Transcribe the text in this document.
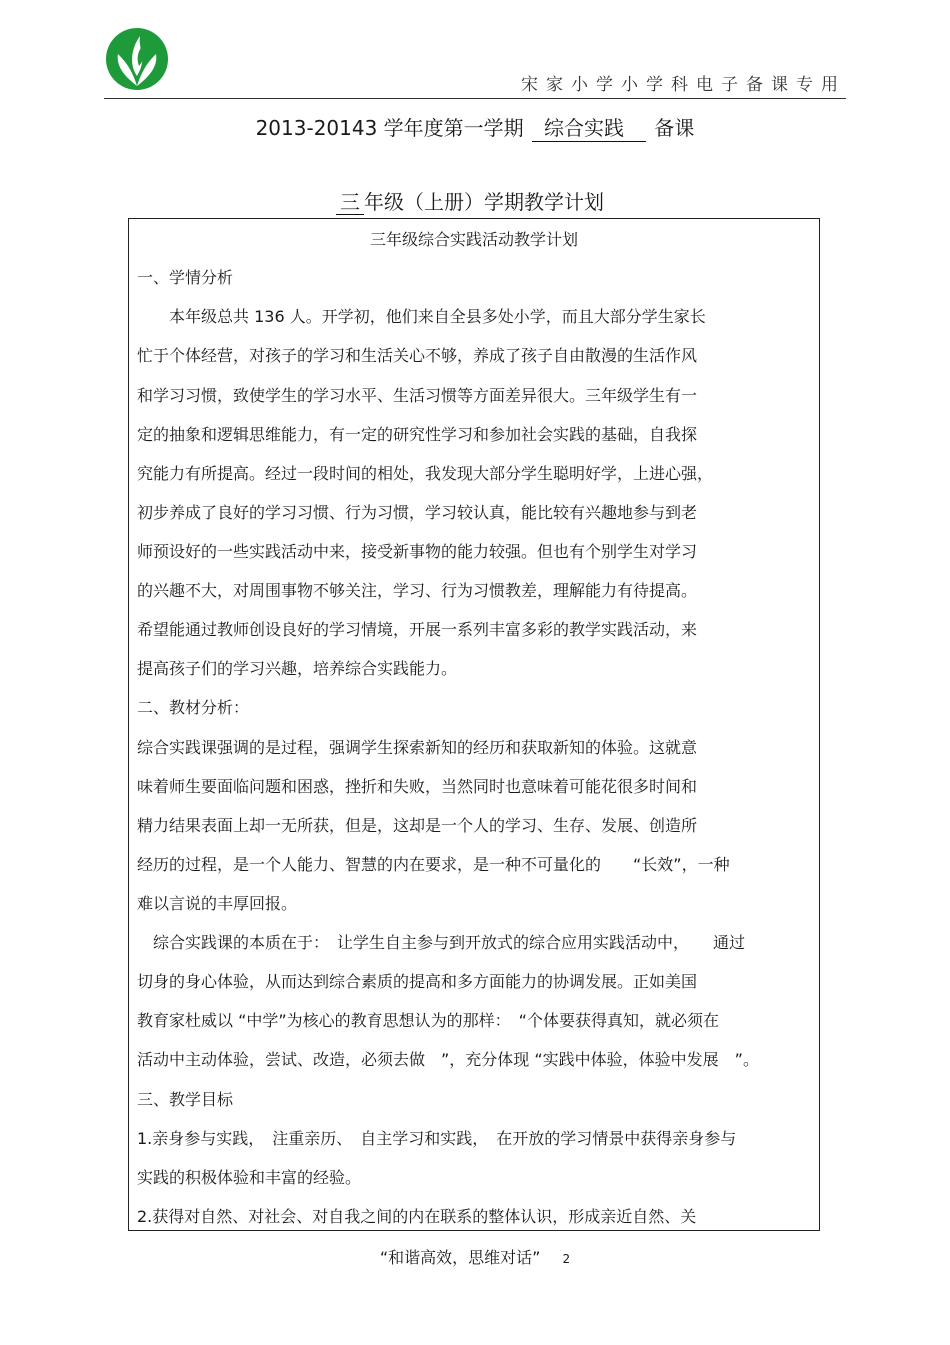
宋家小学小学科电子备课专用
2013-20143 学年度第一学期 综合实践 备课
三 年级（上册）学期教学计划
三年级综合实践活动教学计划
一、学情分析
　　本年级总共 136 人。开学初，他们来自全县多处小学，而且大部分学生家长
忙于个体经营，对孩子的学习和生活关心不够，养成了孩子自由散漫的生活作风
和学习习惯，致使学生的学习水平、生活习惯等方面差异很大。三年级学生有一
定的抽象和逻辑思维能力，有一定的研究性学习和参加社会实践的基础，自我探
究能力有所提高。经过一段时间的相处，我发现大部分学生聪明好学，上进心强，
初步养成了良好的学习习惯、行为习惯，学习较认真，能比较有兴趣地参与到老
师预设好的一些实践活动中来，接受新事物的能力较强。但也有个别学生对学习
的兴趣不大，对周围事物不够关注，学习、行为习惯教差，理解能力有待提高。
希望能通过教师创设良好的学习情境，开展一系列丰富多彩的教学实践活动，来
提高孩子们的学习兴趣，培养综合实践能力。
二、教材分析：
综合实践课强调的是过程，强调学生探索新知的经历和获取新知的体验。这就意
味着师生要面临问题和困惑，挫折和失败，当然同时也意味着可能花很多时间和
精力结果表面上却一无所获，但是，这却是一个人的学习、生存、发展、创造所
经历的过程，是一个人能力、智慧的内在要求，是一种不可量化的　　“长效”，一种
难以言说的丰厚回报。
　综合实践课的本质在于：　让学生自主参与到开放式的综合应用实践活动中，　　通过
切身的身心体验，从而达到综合素质的提高和多方面能力的协调发展。正如美国
教育家杜威以 “中学”为核心的教育思想认为的那样：　“个体要获得真知，就必须在
活动中主动体验，尝试、改造，必须去做　”，充分体现 “实践中体验，体验中发展　”。
三、教学目标
1.亲身参与实践，　注重亲历、　自主学习和实践，　在开放的学习情景中获得亲身参与
实践的积极体验和丰富的经验。
2.获得对自然、对社会、对自我之间的内在联系的整体认识，形成亲近自然、关
“和谐高效，思维对话” 2
